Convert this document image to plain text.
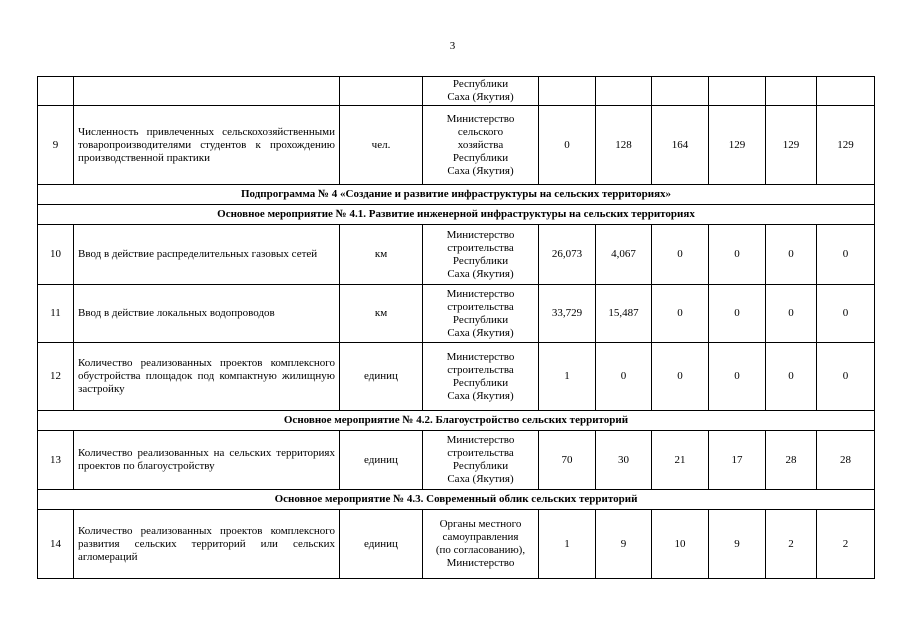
3

			Республики
Саха (Якутия)						

9	Численность привлеченных сельскохозяйственными товаропроизводителями студентов к прохождению производственной практики	чел.	Министерство
сельского
хозяйства
Республики
Саха (Якутия)	0	128	164	129	129	129
Подпрограмма № 4 «Создание и развитие инфраструктуры на сельских территориях»									
Основное мероприятие № 4.1. Развитие инженерной инфраструктуры на сельских территориях									
10	Ввод в действие распределительных газовых сетей	км	Министерство
строительства
Республики
Саха (Якутия)	26,073	4,067	0	0	0	0
11	Ввод в действие локальных водопроводов	км	Министерство
строительства
Республики
Саха (Якутия)	33,729	15,487	0	0	0	0
12	Количество реализованных проектов комплексного обустройства площадок под компактную жилищную застройку	единиц	Министерство
строительства
Республики
Саха (Якутия)	1	0	0	0	0	0
Основное мероприятие № 4.2. Благоустройство сельских территорий									
13	Количество реализованных на сельских территориях проектов по благоустройству	единиц	Министерство
строительства
Республики
Саха (Якутия)	70	30	21	17	28	28
Основное мероприятие № 4.3. Современный облик сельских территорий									
14	Количество реализованных проектов комплексного развития сельских территорий или сельских агломераций	единиц	Органы местного
самоуправления
(по согласованию),
Министерство	1	9	10	9	2	2
